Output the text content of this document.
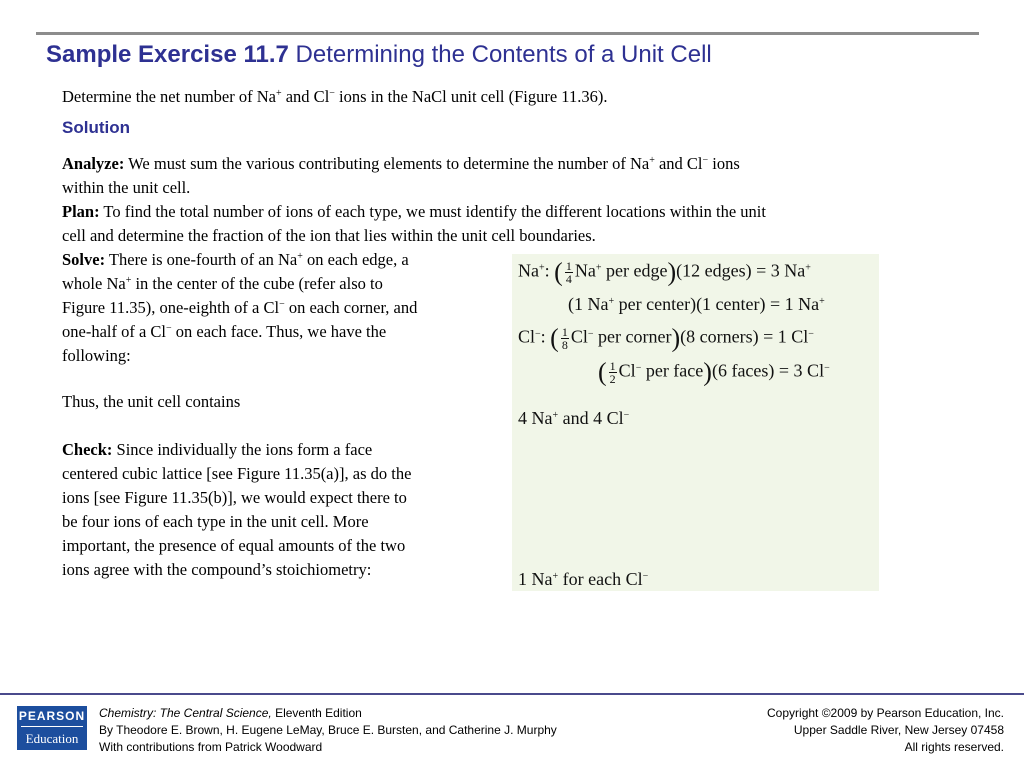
Sample Exercise 11.7 Determining the Contents of a Unit Cell
Determine the net number of Na+ and Cl− ions in the NaCl unit cell (Figure 11.36).
Solution
Analyze: We must sum the various contributing elements to determine the number of Na+ and Cl− ions
within the unit cell.
Plan: To find the total number of ions of each type, we must identify the different locations within the unit
cell and determine the fraction of the ion that lies within the unit cell boundaries.
Solve: There is one-fourth of an Na+ on each edge, a
whole Na+ in the center of the cube (refer also to
Figure 11.35), one-eighth of a Cl− on each corner, and
one-half of a Cl− on each face. Thus, we have the
following:
Thus, the unit cell contains
Check: Since individually the ions form a face
centered cubic lattice [see Figure 11.35(a)], as do the
ions [see Figure 11.35(b)], we would expect there to
be four ions of each type in the unit cell. More
important, the presence of equal amounts of the two
ions agree with the compound’s stoichiometry:
Na+: ( $\frac{1}{4} Na^+$ per edge)(12 edges) = 3 Na+
(1 Na+ per center)(1 center) = 1 Na+
Cl−: ( $\frac{1}{8} Cl^-$ per corner)(8 corners) = 1 Cl−
( $\frac{1}{2} Cl^-$ per face)(6 faces) = 3 Cl−
4 Na+ and 4 Cl−
1 Na+ for each Cl−
PEARSON
Education
Chemistry: The Central Science, Eleventh Edition
By Theodore E. Brown, H. Eugene LeMay, Bruce E. Bursten, and Catherine J. Murphy
With contributions from Patrick Woodward
Copyright ©2009 by Pearson Education, Inc.
Upper Saddle River, New Jersey 07458
All rights reserved.
